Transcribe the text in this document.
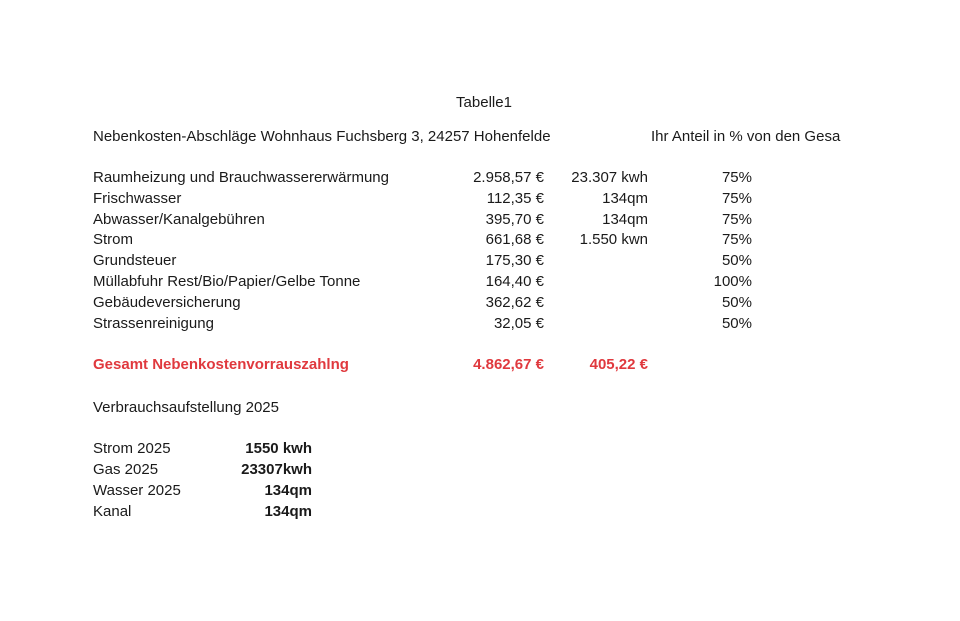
Tabelle1
Nebenkosten-Abschläge Wohnhaus Fuchsberg 3, 24257 Hohenfelde	Ihr Anteil in % von den Gesa
Raumheizung und Brauchwassererwärmung	2.958,57 € 23.307 kwh	75%
Frischwasser	112,35 €	134qm	75%
Abwasser/Kanalgebühren	395,70 €	134qm	75%
Strom	661,68 € 1.550 kwn	75%
Grundsteuer	175,30 €	50%
Müllabfuhr Rest/Bio/Papier/Gelbe Tonne	164,40 €	100%
Gebäudeversicherung	362,62 €	50%
Strassenreinigung	32,05 €	50%
Gesamt Nebenkostenvorrauszahlng	4.862,67 €	405,22 €
Verbrauchsaufstellung 2025
Strom 2025	1550 kwh
Gas 2025	23307kwh
Wasser 2025	134qm
Kanal	134qm
